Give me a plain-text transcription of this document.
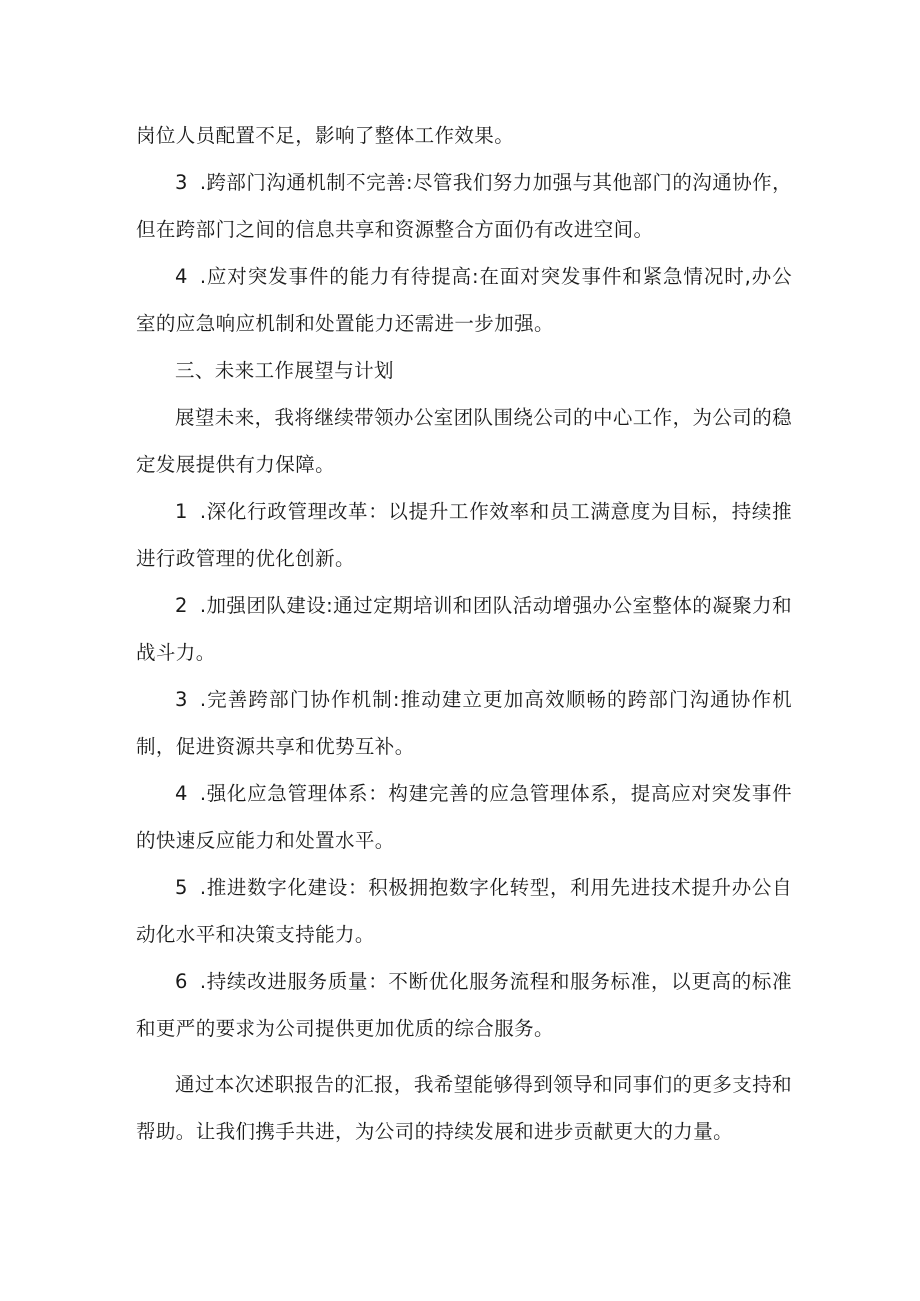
岗位人员配置不足，影响了整体工作效果。

3 .跨部门沟通机制不完善:尽管我们努力加强与其他部门的沟通协作，但在跨部门之间的信息共享和资源整合方面仍有改进空间。

4 .应对突发事件的能力有待提高:在面对突发事件和紧急情况时,办公室的应急响应机制和处置能力还需进一步加强。

三、未来工作展望与计划

展望未来，我将继续带领办公室团队围绕公司的中心工作，为公司的稳定发展提供有力保障。

1 .深化行政管理改革：以提升工作效率和员工满意度为目标，持续推进行政管理的优化创新。

2 .加强团队建设:通过定期培训和团队活动增强办公室整体的凝聚力和战斗力。

3 .完善跨部门协作机制:推动建立更加高效顺畅的跨部门沟通协作机制，促进资源共享和优势互补。

4 .强化应急管理体系：构建完善的应急管理体系，提高应对突发事件的快速反应能力和处置水平。

5 .推进数字化建设：积极拥抱数字化转型，利用先进技术提升办公自动化水平和决策支持能力。

6 .持续改进服务质量：不断优化服务流程和服务标准，以更高的标准和更严的要求为公司提供更加优质的综合服务。

通过本次述职报告的汇报，我希望能够得到领导和同事们的更多支持和帮助。让我们携手共进，为公司的持续发展和进步贡献更大的力量。
